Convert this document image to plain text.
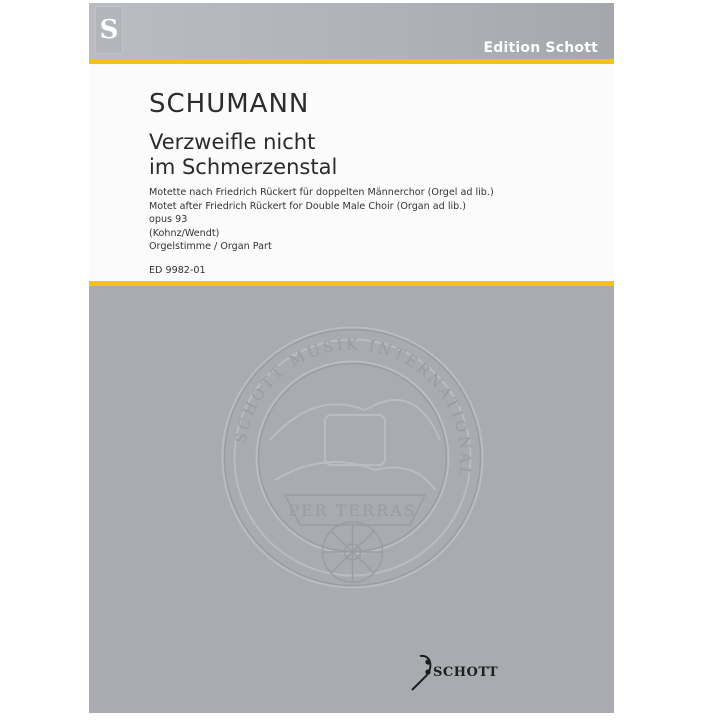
S
Edition Schott
SCHUMANN
Verzweifle nicht
im Schmerzenstal
Motette nach Friedrich Rückert für doppelten Männerchor (Orgel ad lib.)
Motet after Friedrich Rückert for Double Male Choir (Organ ad lib.)
opus 93
(Kohnz/Wendt)
Orgelstimme / Organ Part
ED 9982-01
SCHOTT MUSIK INTERNATIONAL
PER TERRAS
SCHOTT
